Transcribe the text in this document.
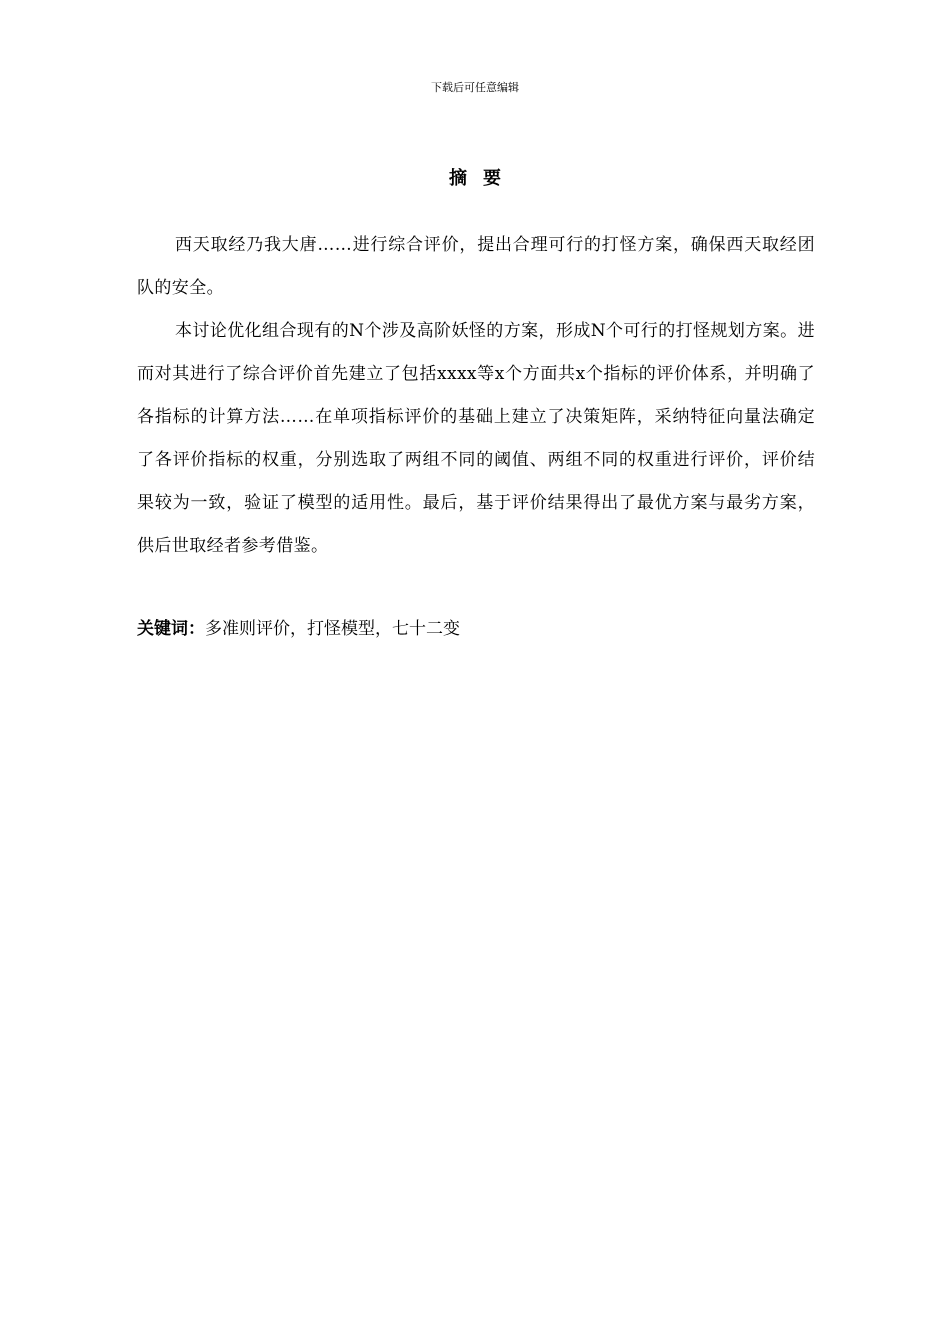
下载后可任意编辑
摘要

西天取经乃我大唐……进行综合评价，提出合理可行的打怪方案，确保西天取经团队的安全。

本讨论优化组合现有的N个涉及高阶妖怪的方案，形成N个可行的打怪规划方案。进而对其进行了综合评价首先建立了包括xxxx等x个方面共x个指标的评价体系，并明确了各指标的计算方法……在单项指标评价的基础上建立了决策矩阵，采纳特征向量法确定了各评价指标的权重，分别选取了两组不同的阈值、两组不同的权重进行评价，评价结果较为一致，验证了模型的适用性。最后，基于评价结果得出了最优方案与最劣方案，供后世取经者参考借鉴。

关键词：多准则评价，打怪模型，七十二变
